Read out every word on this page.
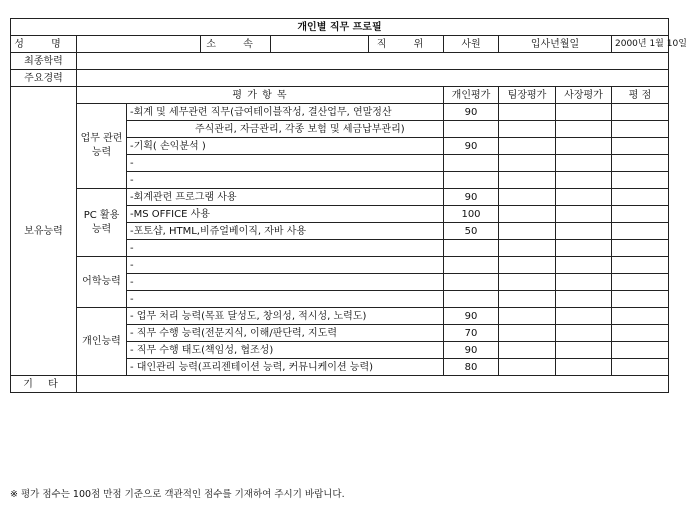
개인별 직무 프로필									
성 명			소 속		직 위	사원	입사년월일		2000년 1월 10일
최종학력									
주요경력									
보유능력	평 가 항 목					개인평가	팀장평가	사장평가	평 점
	업무 관련 능력	-회계 및 세무관련 직무(급여테이블작성, 결산업무, 연말정산				90			
		주식관리, 자금관리, 각종 보험 및 세금납부관리)							
		-기획( 손익분석 )				90			
		-							
		-							
	PC 활용 능력	-회계관련 프로그램 사용				90			
		-MS OFFICE 사용				100			
		-포토샵, HTML,비쥬얼베이직, 자바 사용				50			
		-							
	어학능력	-							
		-							
		-							
	개인능력	- 업무 처리 능력(목표 달성도, 창의성, 적시성, 노력도)				90			
		- 직무 수행 능력(전문지식, 이해/판단력, 지도력				70			
		- 직무 수행 태도(책임성, 협조성)				90			
		- 대인관리 능력(프리젠테이션 능력, 커뮤니케이션 능력)				80			
기 타	
※ 평가 점수는 100점 만점 기준으로 객관적인 점수를 기재하여 주시기 바랍니다.
